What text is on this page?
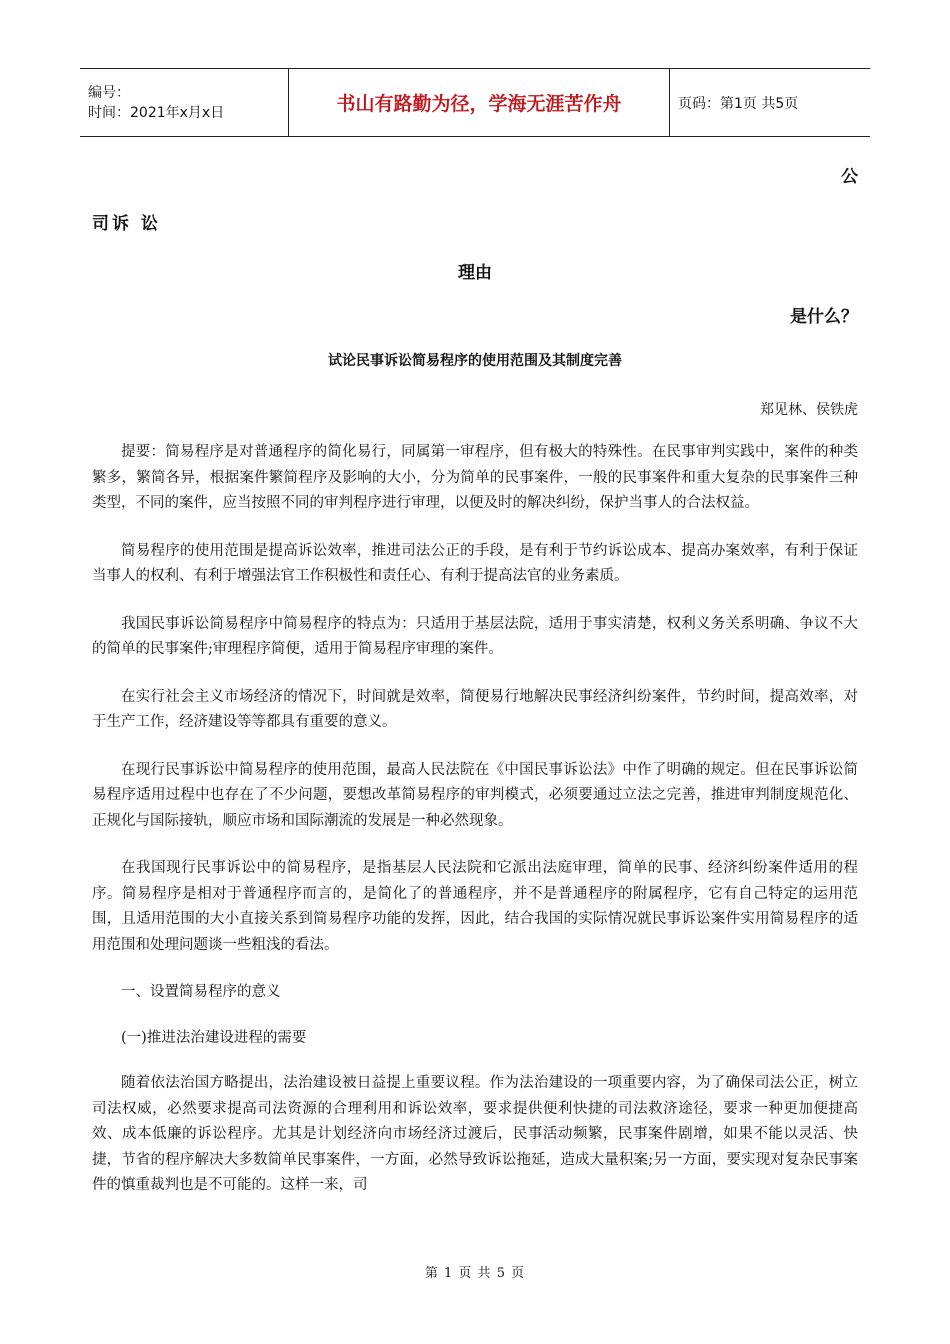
编号：
时间：2021年x月x日	书山有路勤为径，学海无涯苦作舟	页码：第1页 共5页
公
司诉 讼
理由
是什么？
试论民事诉讼简易程序的使用范围及其制度完善
郑见林、侯铁虎

提要：简易程序是对普通程序的简化易行，同属第一审程序，但有极大的特殊性。在民事审判实践中，案件的种类繁多，繁简各异，根据案件繁简程序及影响的大小，分为简单的民事案件，一般的民事案件和重大复杂的民事案件三种类型，不同的案件，应当按照不同的审判程序进行审理，以便及时的解决纠纷，保护当事人的合法权益。

简易程序的使用范围是提高诉讼效率，推进司法公正的手段，是有利于节约诉讼成本、提高办案效率，有利于保证当事人的权利、有利于增强法官工作积极性和责任心、有利于提高法官的业务素质。

我国民事诉讼简易程序中简易程序的特点为：只适用于基层法院，适用于事实清楚，权利义务关系明确、争议不大的简单的民事案件;审理程序简便，适用于简易程序审理的案件。

在实行社会主义市场经济的情况下，时间就是效率，简便易行地解决民事经济纠纷案件，节约时间，提高效率，对于生产工作，经济建设等等都具有重要的意义。

在现行民事诉讼中简易程序的使用范围，最高人民法院在《中国民事诉讼法》中作了明确的规定。但在民事诉讼简易程序适用过程中也存在了不少问题，要想改革简易程序的审判模式，必须要通过立法之完善，推进审判制度规范化、正规化与国际接轨，顺应市场和国际潮流的发展是一种必然现象。

在我国现行民事诉讼中的简易程序，是指基层人民法院和它派出法庭审理，简单的民事、经济纠纷案件适用的程序。简易程序是相对于普通程序而言的，是简化了的普通程序，并不是普通程序的附属程序，它有自己特定的运用范围，且适用范围的大小直接关系到简易程序功能的发挥，因此，结合我国的实际情况就民事诉讼案件实用简易程序的适用范围和处理问题谈一些粗浅的看法。

一、设置简易程序的意义

(一)推进法治建设进程的需要

随着依法治国方略提出，法治建设被日益提上重要议程。作为法治建设的一项重要内容，为了确保司法公正，树立司法权威，必然要求提高司法资源的合理利用和诉讼效率，要求提供便利快捷的司法救济途径，要求一种更加便捷高效、成本低廉的诉讼程序。尤其是计划经济向市场经济过渡后，民事活动频繁，民事案件剧增，如果不能以灵活、快捷，节省的程序解决大多数简单民事案件，一方面，必然导致诉讼拖延，造成大量积案;另一方面，要实现对复杂民事案件的慎重裁判也是不可能的。这样一来，司

第 1 页 共 5 页
